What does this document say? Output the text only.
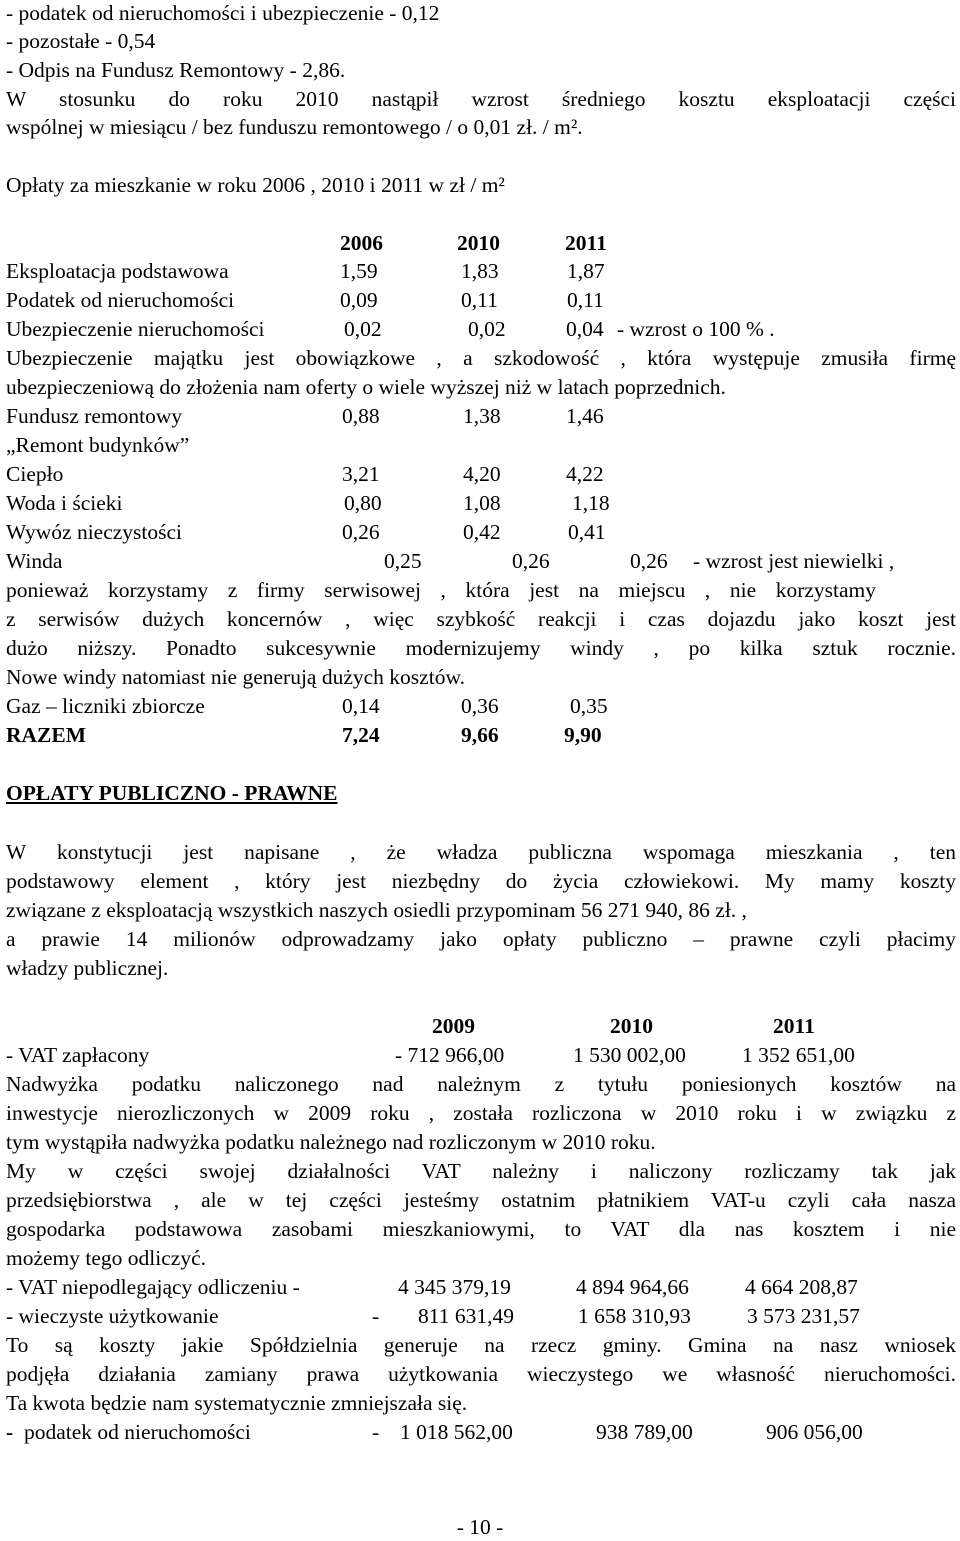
- podatek od nieruchomości i ubezpieczenie - 0,12
- pozostałe - 0,54
- Odpis na Fundusz Remontowy - 2,86.
W stosunku do roku 2010 nastąpił wzrost średniego kosztu eksploatacji części
wspólnej w miesiącu / bez funduszu remontowego / o 0,01 zł. / m².
Opłaty za mieszkanie w roku 2006 , 2010 i 2011 w zł / m²
2006	2010	2011
Eksploatacja podstawowa	1,59	1,83	1,87
Podatek od nieruchomości	0,09	0,11	0,11
Ubezpieczenie nieruchomości	0,02	0,02	0,04 - wzrost o 100 % .
Ubezpieczenie majątku jest obowiązkowe , a szkodowość , która występuje zmusiła firmę
ubezpieczeniową do złożenia nam oferty o wiele wyższej niż w latach poprzednich.
Fundusz remontowy	0,88	1,38	1,46
„Remont budynków”
Ciepło	3,21	4,20	4,22
Woda i ścieki	0,80	1,08	1,18
Wywóz nieczystości	0,26	0,42	0,41
Winda	0,25	0,26	0,26 - wzrost jest niewielki ,
ponieważ korzystamy z firmy serwisowej , która jest na miejscu , nie korzystamy
z serwisów dużych koncernów , więc szybkość reakcji i czas dojazdu jako koszt jest
dużo niższy. Ponadto sukcesywnie modernizujemy windy , po kilka sztuk rocznie.
Nowe windy natomiast nie generują dużych kosztów.
Gaz – liczniki zbiorcze	0,14	0,36	0,35
RAZEM	7,24	9,66	9,90
OPŁATY PUBLICZNO - PRAWNE
W konstytucji jest napisane , że władza publiczna wspomaga mieszkania , ten
podstawowy element , który jest niezbędny do życia człowiekowi. My mamy koszty
związane z eksploatacją wszystkich naszych osiedli przypominam 56 271 940, 86 zł. ,
a prawie 14 milionów odprowadzamy jako opłaty publiczno – prawne czyli płacimy
władzy publicznej.
2009	2010	2011
- VAT zapłacony	- 712 966,00	1 530 002,00	1 352 651,00
Nadwyżka podatku naliczonego nad należnym z tytułu poniesionych kosztów na
inwestycje nierozliczonych w 2009 roku , została rozliczona w 2010 roku i w związku z
tym wystąpiła nadwyżka podatku należnego nad rozliczonym w 2010 roku.
My w części swojej działalności VAT należny i naliczony rozliczamy tak jak
przedsiębiorstwa , ale w tej części jesteśmy ostatnim płatnikiem VAT-u czyli cała nasza
gospodarka podstawowa zasobami mieszkaniowymi, to VAT dla nas kosztem i nie
możemy tego odliczyć.
- VAT niepodlegający odliczeniu -	4 345 379,19	4 894 964,66	4 664 208,87
- wieczyste użytkowanie	- 811 631,49	1 658 310,93	3 573 231,57
To są koszty jakie Spółdzielnia generuje na rzecz gminy. Gmina na nasz wniosek
podjęła działania zamiany prawa użytkowania wieczystego we własność nieruchomości.
Ta kwota będzie nam systematycznie zmniejszała się.
- podatek od nieruchomości	- 1 018 562,00	938 789,00	906 056,00
- 10 -
